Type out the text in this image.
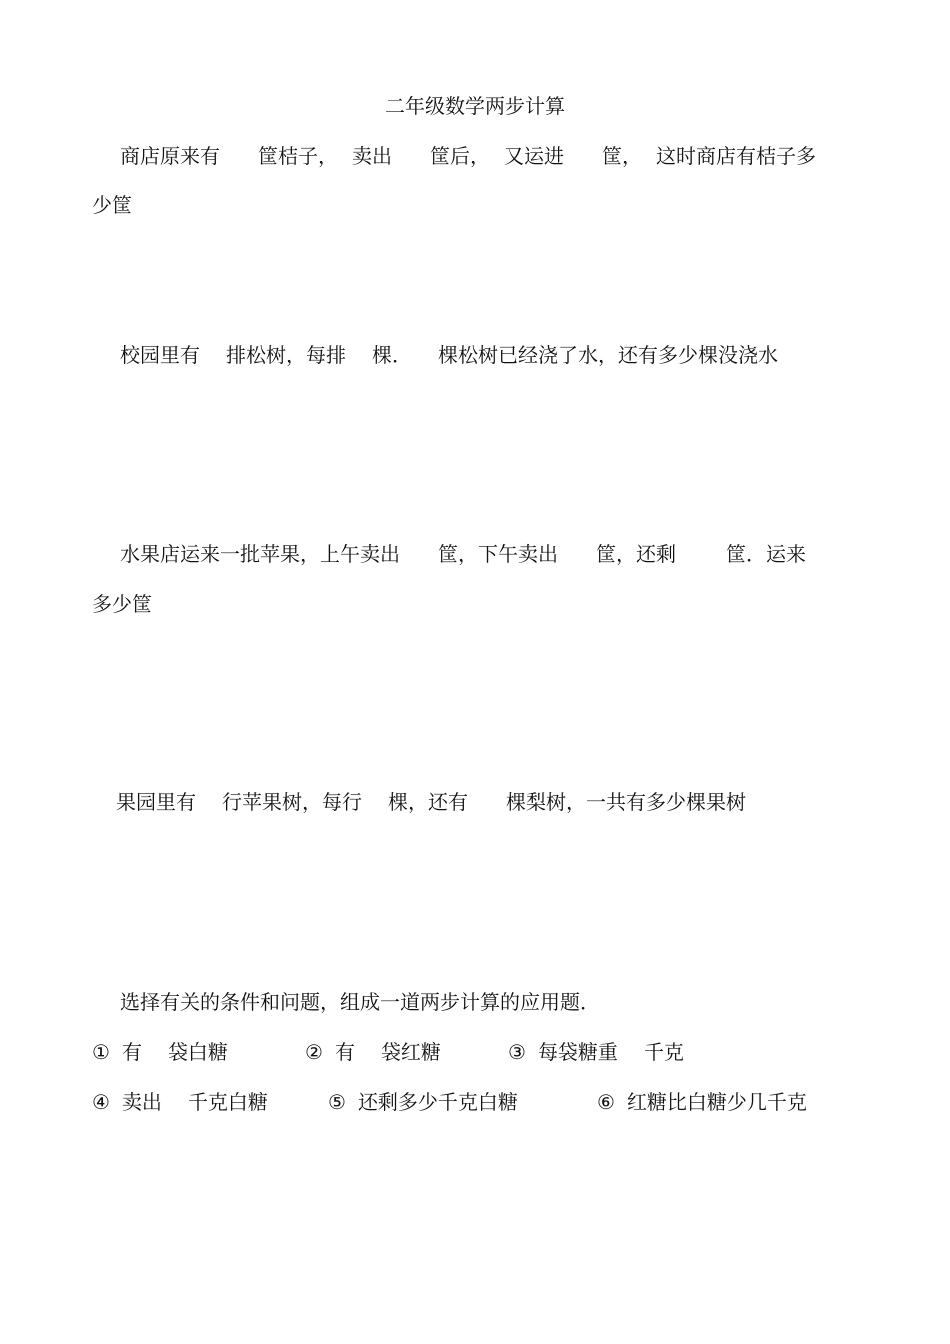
二年级数学两步计算
商店原来有 筐桔子， 卖出 筐后， 又运进 筐， 这时商店有桔子多
少筐
校园里有 排松树，每排 棵． 棵松树已经浇了水，还有多少棵没浇水
水果店运来一批苹果，上午卖出 筐，下午卖出 筐，还剩	筐．运来
多少筐
果园里有 行苹果树，每行 棵，还有 棵梨树，一共有多少棵果树
选择有关的条件和问题，组成一道两步计算的应用题．
① 有 袋白糖	② 有 袋红糖	③ 每袋糖重 千克
④ 卖出 千克白糖	⑤ 还剩多少千克白糖	⑥ 红糖比白糖少几千克
